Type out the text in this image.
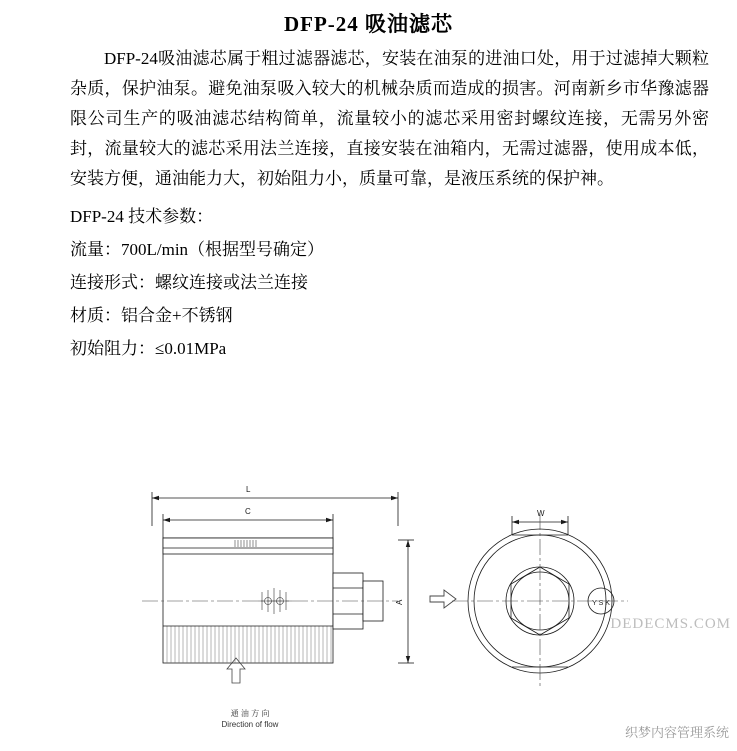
DFP-24 吸油滤芯

DFP-24吸油滤芯属于粗过滤器滤芯，安装在油泵的进油口处，用于过滤掉大颗粒杂质，保护油泵。避免油泵吸入较大的机械杂质而造成的损害。河南新乡市华豫滤器限公司生产的吸油滤芯结构简单，流量较小的滤芯采用密封螺纹连接，无需另外密封，流量较大的滤芯采用法兰连接，直接安装在油箱内，无需过滤器，使用成本低，安装方便，通油能力大，初始阻力小，质量可靠，是液压系统的保护神。

DFP-24 技术参数：
流量：700L/min（根据型号确定）
连接形式：螺纹连接或法兰连接
材质：铝合金+不锈钢
初始阻力：≤0.01MPa
L
C
A
W
Y S K
通 油 方 向
Direction of flow
DEDECMS.COM
织梦内容管理系统
